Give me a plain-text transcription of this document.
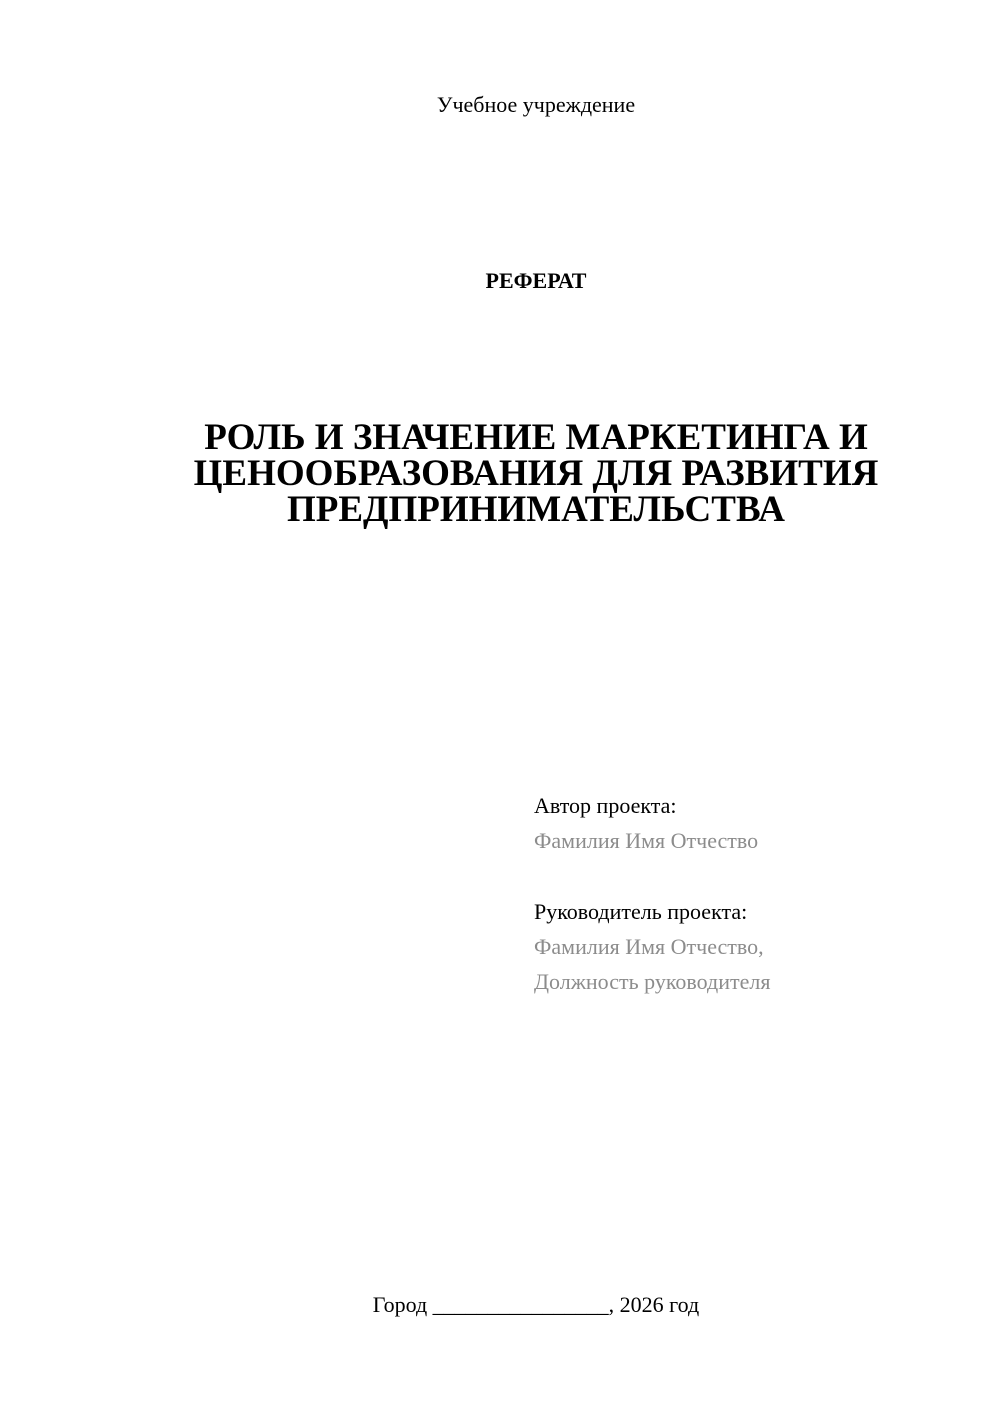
Учебное учреждение
РЕФЕРАТ
РОЛЬ И ЗНАЧЕНИЕ МАРКЕТИНГА И
ЦЕНООБРАЗОВАНИЯ ДЛЯ РАЗВИТИЯ
ПРЕДПРИНИМАТЕЛЬСТВА
Автор проекта:
Фамилия Имя Отчество
Руководитель проекта:
Фамилия Имя Отчество,
Должность руководителя
Город ________________, 2026 год
